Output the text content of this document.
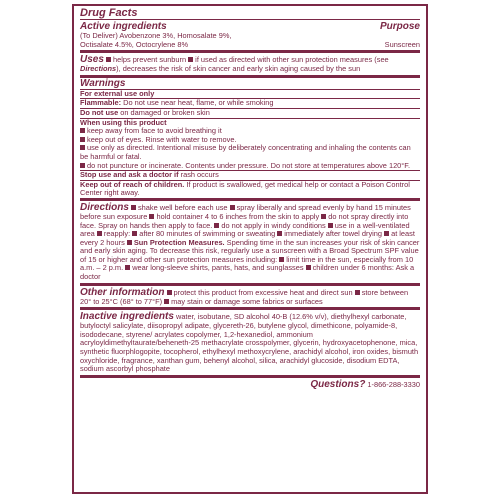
Drug Facts
Active ingredients	Purpose

(To Deliver) Avobenzone 3%, Homosalate 9%,

Octisalate 4.5%, Octocrylene 8%	Sunscreen

Uses helps prevent sunburn if used as directed with other sun protection measures (see Directions), decreases the risk of skin cancer and early skin aging caused by the sun

Warnings
For external use only
Flammable: Do not use near heat, flame, or while smoking
Do not use on damaged or broken skin
When using this product

keep away from face to avoid breathing it

keep out of eyes. Rinse with water to remove.

use only as directed. Intentional misuse by deliberately concentrating and inhaling the contents can be harmful or fatal.

do not puncture or incinerate. Contents under pressure. Do not store at temperatures above 120°F.

Stop use and ask a doctor if rash occurs
Keep out of reach of children. If product is swallowed, get medical help or contact a Poison Control Center right away.

Directions shake well before each use spray liberally and spread evenly by hand 15 minutes before sun exposure hold container 4 to 6 inches from the skin to apply do not spray directly into face. Spray on hands then apply to face. do not apply in windy conditions use in a well-ventilated area reapply: after 80 minutes of swimming or sweating immediately after towel drying at least every 2 hours Sun Protection Measures. Spending time in the sun increases your risk of skin cancer and early skin aging. To decrease this risk, regularly use a sunscreen with a Broad Spectrum SPF value of 15 or higher and other sun protection measures including: limit time in the sun, especially from 10 a.m. – 2 p.m. wear long-sleeve shirts, pants, hats, and sunglasses children under 6 months: Ask a doctor

Other information protect this product from excessive heat and direct sun store between 20° to 25°C (68° to 77°F) may stain or damage some fabrics or surfaces

Inactive ingredients water, isobutane, SD alcohol 40-B (12.6% v/v), diethylhexyl carbonate, butyloctyl salicylate, diisopropyl adipate, glycereth-26, butylene glycol, dimethicone, polyamide-8, isododecane, styrene/ acrylates copolymer, 1,2-hexanediol, ammonium acryloyldimethyltaurate/beheneth-25 methacrylate crosspolymer, glycerin, hydroxyacetophenone, mica, synthetic fluorphlogopite, tocopherol, ethylhexyl methoxycrylene, arachidyl alcohol, iron oxides, bismuth oxychloride, fragrance, xanthan gum, behenyl alcohol, silica, arachidyl glucoside, disodium EDTA, sodium ascorbyl phosphate

Questions? 1-866-288-3330
